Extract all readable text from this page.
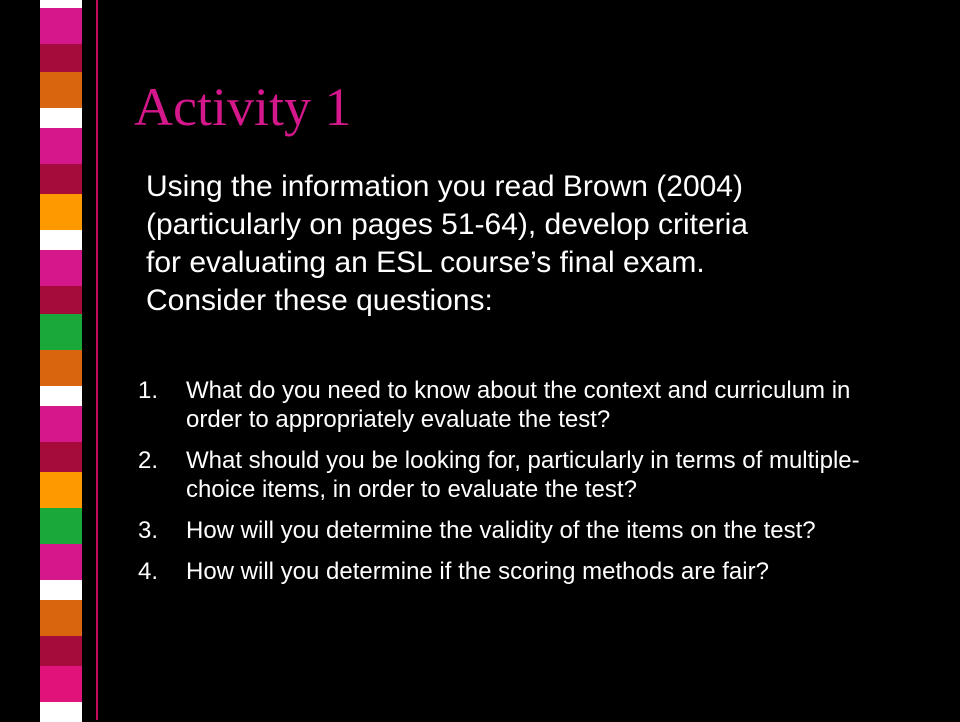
Activity 1

Using the information you read Brown (2004) (particularly on pages 51-64), develop criteria for evaluating an ESL course’s final exam. Consider these questions:

1. What do you need to know about the context and curriculum in order to appropriately evaluate the test?
2. What should you be looking for, particularly in terms of multiple-choice items, in order to evaluate the test?
3. How will you determine the validity of the items on the test?
4. How will you determine if the scoring methods are fair?
